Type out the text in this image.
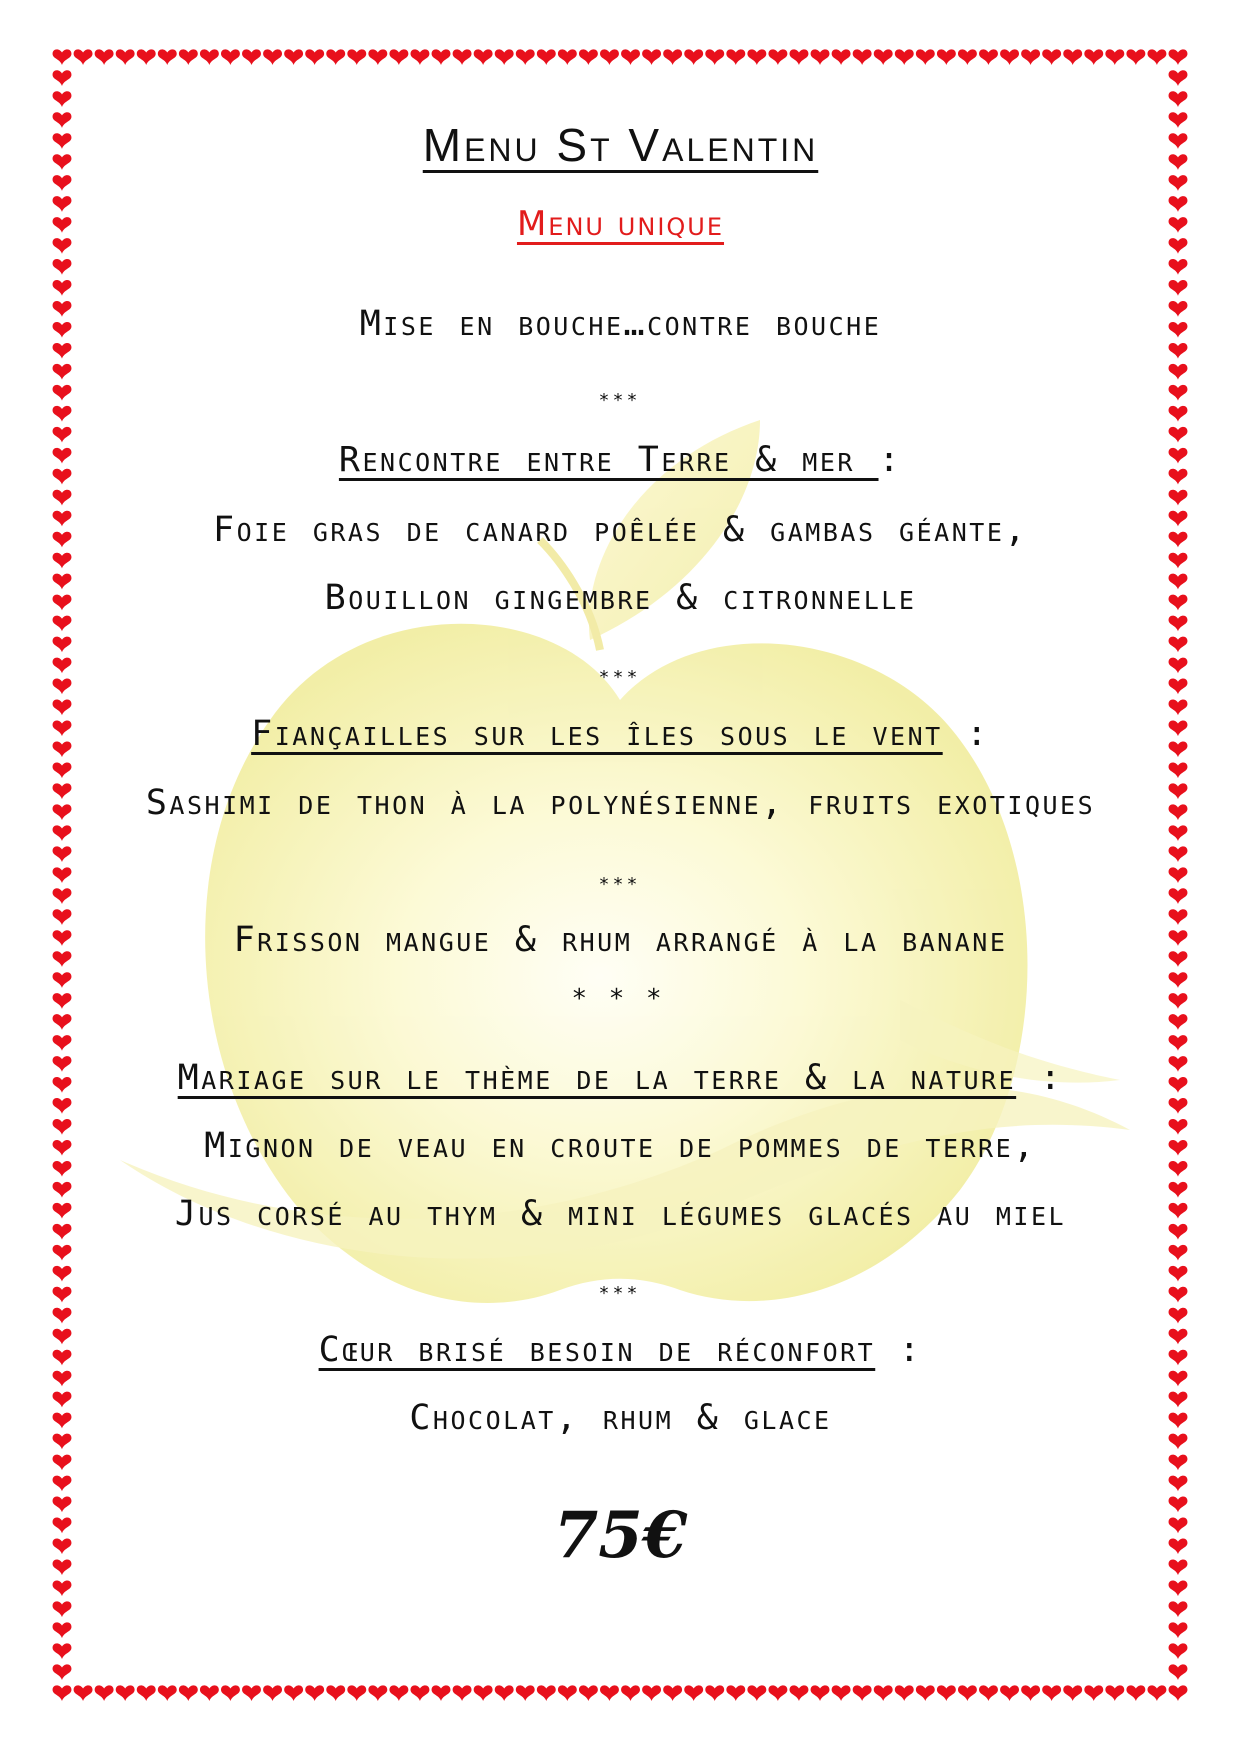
Menu St Valentin
Menu unique
Mise en bouche…contre bouche
***
Rencontre entre Terre & mer :
Foie gras de canard poêlée & gambas géante,
Bouillon gingembre & citronnelle
***
Fiançailles sur les îles sous le vent :
Sashimi de thon à la polynésienne, fruits exotiques
***
Frisson mangue & rhum arrangé à la banane
* * *
Mariage sur le thème de la terre & la nature :
Mignon de veau en croute de pommes de terre,
Jus corsé au thym & mini légumes glacés au miel
***
Cœur brisé besoin de réconfort :
Chocolat, rhum & glace
75€
